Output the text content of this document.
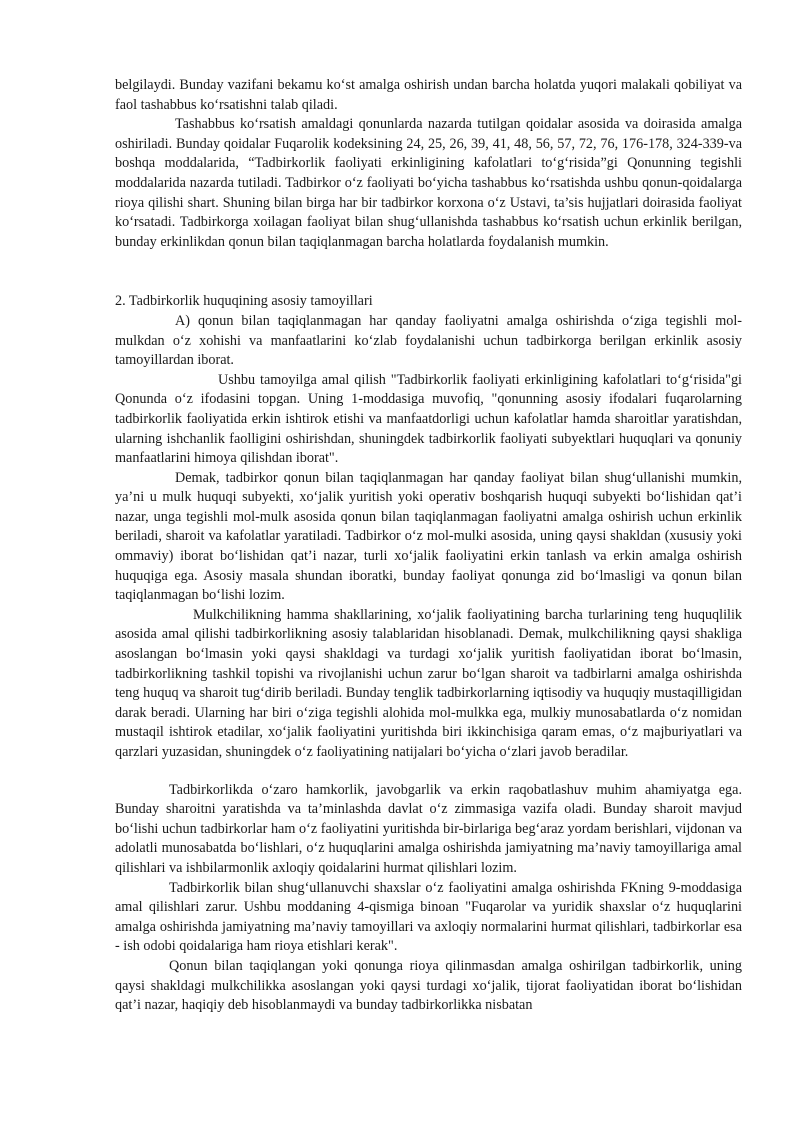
belgilaydi. Bunday vazifani bekamu ko‘st amalga oshirish undan barcha holatda yuqori malakali qobiliyat va faol tashabbus ko‘rsatishni talab qiladi.

Tashabbus ko‘rsatish amaldagi qonunlarda nazarda tutilgan qoidalar asosida va doirasida amalga oshiriladi. Bunday qoidalar Fuqarolik kodeksining 24, 25, 26, 39, 41, 48, 56, 57, 72, 76, 176-178, 324-339-va boshqa moddalarida, “Tadbirkorlik faoliyati erkinligining kafolatlari to‘g‘risida”gi Qonunning tegishli moddalarida nazarda tutiladi. Tadbirkor o‘z faoliyati bo‘yicha tashabbus ko‘rsatishda ushbu qonun-qoidalarga rioya qilishi shart. Shuning bilan birga har bir tadbirkor korxona o‘z Ustavi, ta’sis hujjatlari doirasida faoliyat ko‘rsatadi. Tadbirkorga xoilagan faoliyat bilan shug‘ullanishda tashabbus ko‘rsatish uchun erkinlik berilgan, bunday erkinlikdan qonun bilan taqiqlanmagan barcha holatlarda foydalanish mumkin.

2. Tadbirkorlik huquqining asosiy tamoyillari

A) qonun bilan taqiqlanmagan har qanday faoliyatni amalga oshirishda o‘ziga tegishli mol-mulkdan o‘z xohishi va manfaatlarini ko‘zlab foydalanishi uchun tadbirkorga berilgan erkinlik asosiy tamoyillardan iborat.

Ushbu tamoyilga amal qilish "Tadbirkorlik faoliyati erkinligining kafolatlari to‘g‘risida"gi Qonunda o‘z ifodasini topgan. Uning 1-moddasiga muvofiq, "qonunning asosiy ifodalari fuqarolarning tadbirkorlik faoliyatida erkin ishtirok etishi va manfaatdorligi uchun kafolatlar hamda sharoitlar yaratishdan, ularning ishchanlik faolligini oshirishdan, shuningdek tadbirkorlik faoliyati subyektlari huquqlari va qonuniy manfaatlarini himoya qilishdan iborat".

Demak, tadbirkor qonun bilan taqiqlanmagan har qanday faoliyat bilan shug‘ullanishi mumkin, ya’ni u mulk huquqi subyekti, xo‘jalik yuritish yoki operativ boshqarish huquqi subyekti bo‘lishidan qat’i nazar, unga tegishli mol-mulk asosida qonun bilan taqiqlanmagan faoliyatni amalga oshirish uchun erkinlik beriladi, sharoit va kafolatlar yaratiladi. Tadbirkor o‘z mol-mulki asosida, uning qaysi shakldan (xususiy yoki ommaviy) iborat bo‘lishidan qat’i nazar, turli xo‘jalik faoliyatini erkin tanlash va erkin amalga oshirish huquqiga ega. Asosiy masala shundan iboratki, bunday faoliyat qonunga zid bo‘lmasligi va qonun bilan taqiqlanmagan bo‘lishi lozim.

Mulkchilikning hamma shakllarining, xo‘jalik faoliyatining barcha turlarining teng huquqlilik asosida amal qilishi tadbirkorlikning asosiy talablaridan hisoblanadi. Demak, mulkchilikning qaysi shakliga asoslangan bo‘lmasin yoki qaysi shakldagi va turdagi xo‘jalik yuritish faoliyatidan iborat bo‘lmasin, tadbirkorlikning tashkil topishi va rivojlanishi uchun zarur bo‘lgan sharoit va tadbirlarni amalga oshirishda teng huquq va sharoit tug‘dirib beriladi. Bunday tenglik tadbirkorlarning iqtisodiy va huquqiy mustaqilligidan darak beradi. Ularning har biri o‘ziga tegishli alohida mol-mulkka ega, mulkiy munosabatlarda o‘z nomidan mustaqil ishtirok etadilar, xo‘jalik faoliyatini yuritishda biri ikkinchisiga qaram emas, o‘z majburiyatlari va qarzlari yuzasidan, shuningdek o‘z faoliyatining natijalari bo‘yicha o‘zlari javob beradilar.

Tadbirkorlikda o‘zaro hamkorlik, javobgarlik va erkin raqobatlashuv muhim ahamiyatga ega. Bunday sharoitni yaratishda va ta’minlashda davlat o‘z zimmasiga vazifa oladi. Bunday sharoit mavjud bo‘lishi uchun tadbirkorlar ham o‘z faoliyatini yuritishda bir-birlariga beg‘araz yordam berishlari, vijdonan va adolatli munosabatda bo‘lishlari, o‘z huquqlarini amalga oshirishda jamiyatning ma’naviy tamoyillariga amal qilishlari va ishbilarmonlik axloqiy qoidalarini hurmat qilishlari lozim.

Tadbirkorlik bilan shug‘ullanuvchi shaxslar o‘z faoliyatini amalga oshirishda FKning 9-moddasiga amal qilishlari zarur. Ushbu moddaning 4-qismiga binoan "Fuqarolar va yuridik shaxslar o‘z huquqlarini amalga oshirishda jamiyatning ma’naviy tamoyillari va axloqiy normalarini hurmat qilishlari, tadbirkorlar esa - ish odobi qoidalariga ham rioya etishlari kerak".

Qonun bilan taqiqlangan yoki qonunga rioya qilinmasdan amalga oshirilgan tadbirkorlik, uning qaysi shakldagi mulkchilikka asoslangan yoki qaysi turdagi xo‘jalik, tijorat faoliyatidan iborat bo‘lishidan qat’i nazar, haqiqiy deb hisoblanmaydi va bunday tadbirkorlikka nisbatan
